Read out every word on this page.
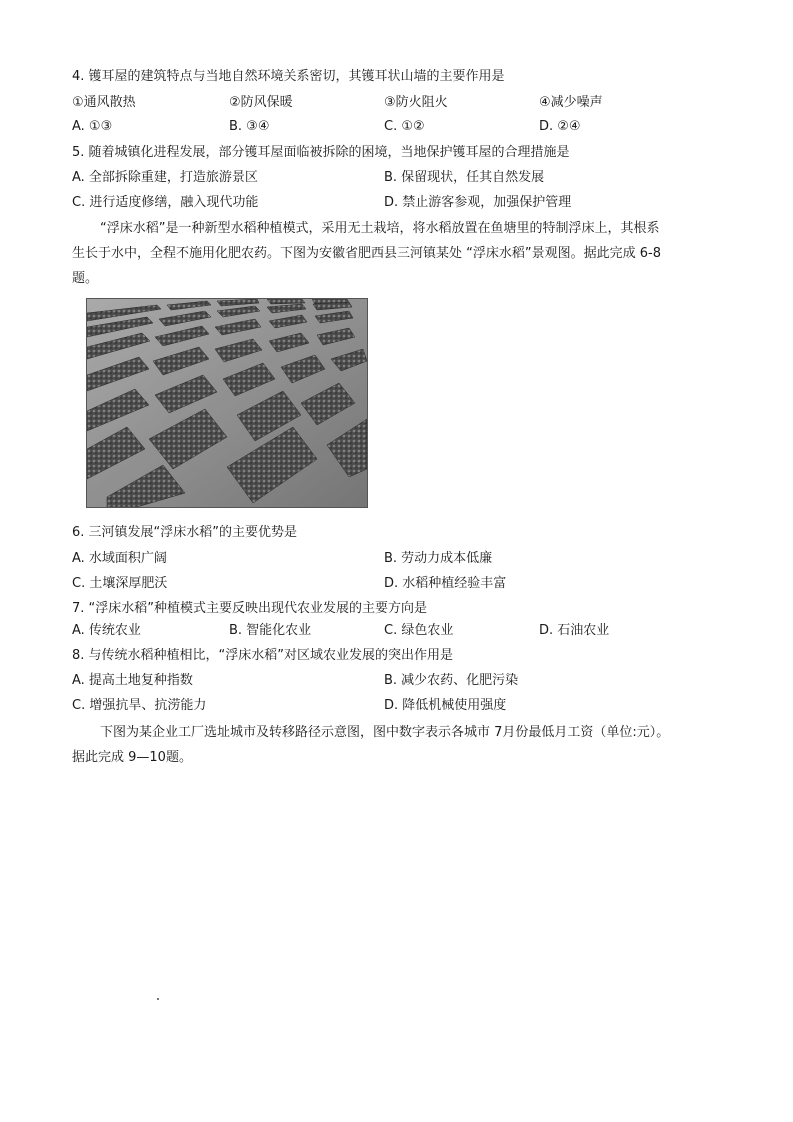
4. 镬耳屋的建筑特点与当地自然环境关系密切，其镬耳状山墙的主要作用是
①通风散热	②防风保暖	③防火阻火	④减少噪声
A. ①③	B. ③④	C. ①②	D. ②④
5. 随着城镇化进程发展，部分镬耳屋面临被拆除的困境，当地保护镬耳屋的合理措施是
A. 全部拆除重建，打造旅游景区	B. 保留现状，任其自然发展
C. 进行适度修缮，融入现代功能	D. 禁止游客参观，加强保护管理
“浮床水稻”是一种新型水稻种植模式，采用无土栽培，将水稻放置在鱼塘里的特制浮床上，其根系
生长于水中，全程不施用化肥农药。下图为安徽省肥西县三河镇某处 “浮床水稻”景观图。据此完成 6-8
题。
6. 三河镇发展“浮床水稻”的主要优势是
A. 水域面积广阔	B. 劳动力成本低廉
C. 土壤深厚肥沃	D. 水稻种植经验丰富
7. “浮床水稻”种植模式主要反映出现代农业发展的主要方向是
A. 传统农业	B. 智能化农业	C. 绿色农业	D. 石油农业
8. 与传统水稻种植相比，“浮床水稻”对区域农业发展的突出作用是
A. 提高土地复种指数	B. 减少农药、化肥污染
C. 增强抗旱、抗涝能力	D. 降低机械使用强度
下图为某企业工厂选址城市及转移路径示意图，图中数字表示各城市 7月份最低月工资（单位:元）。
据此完成 9—10题。
